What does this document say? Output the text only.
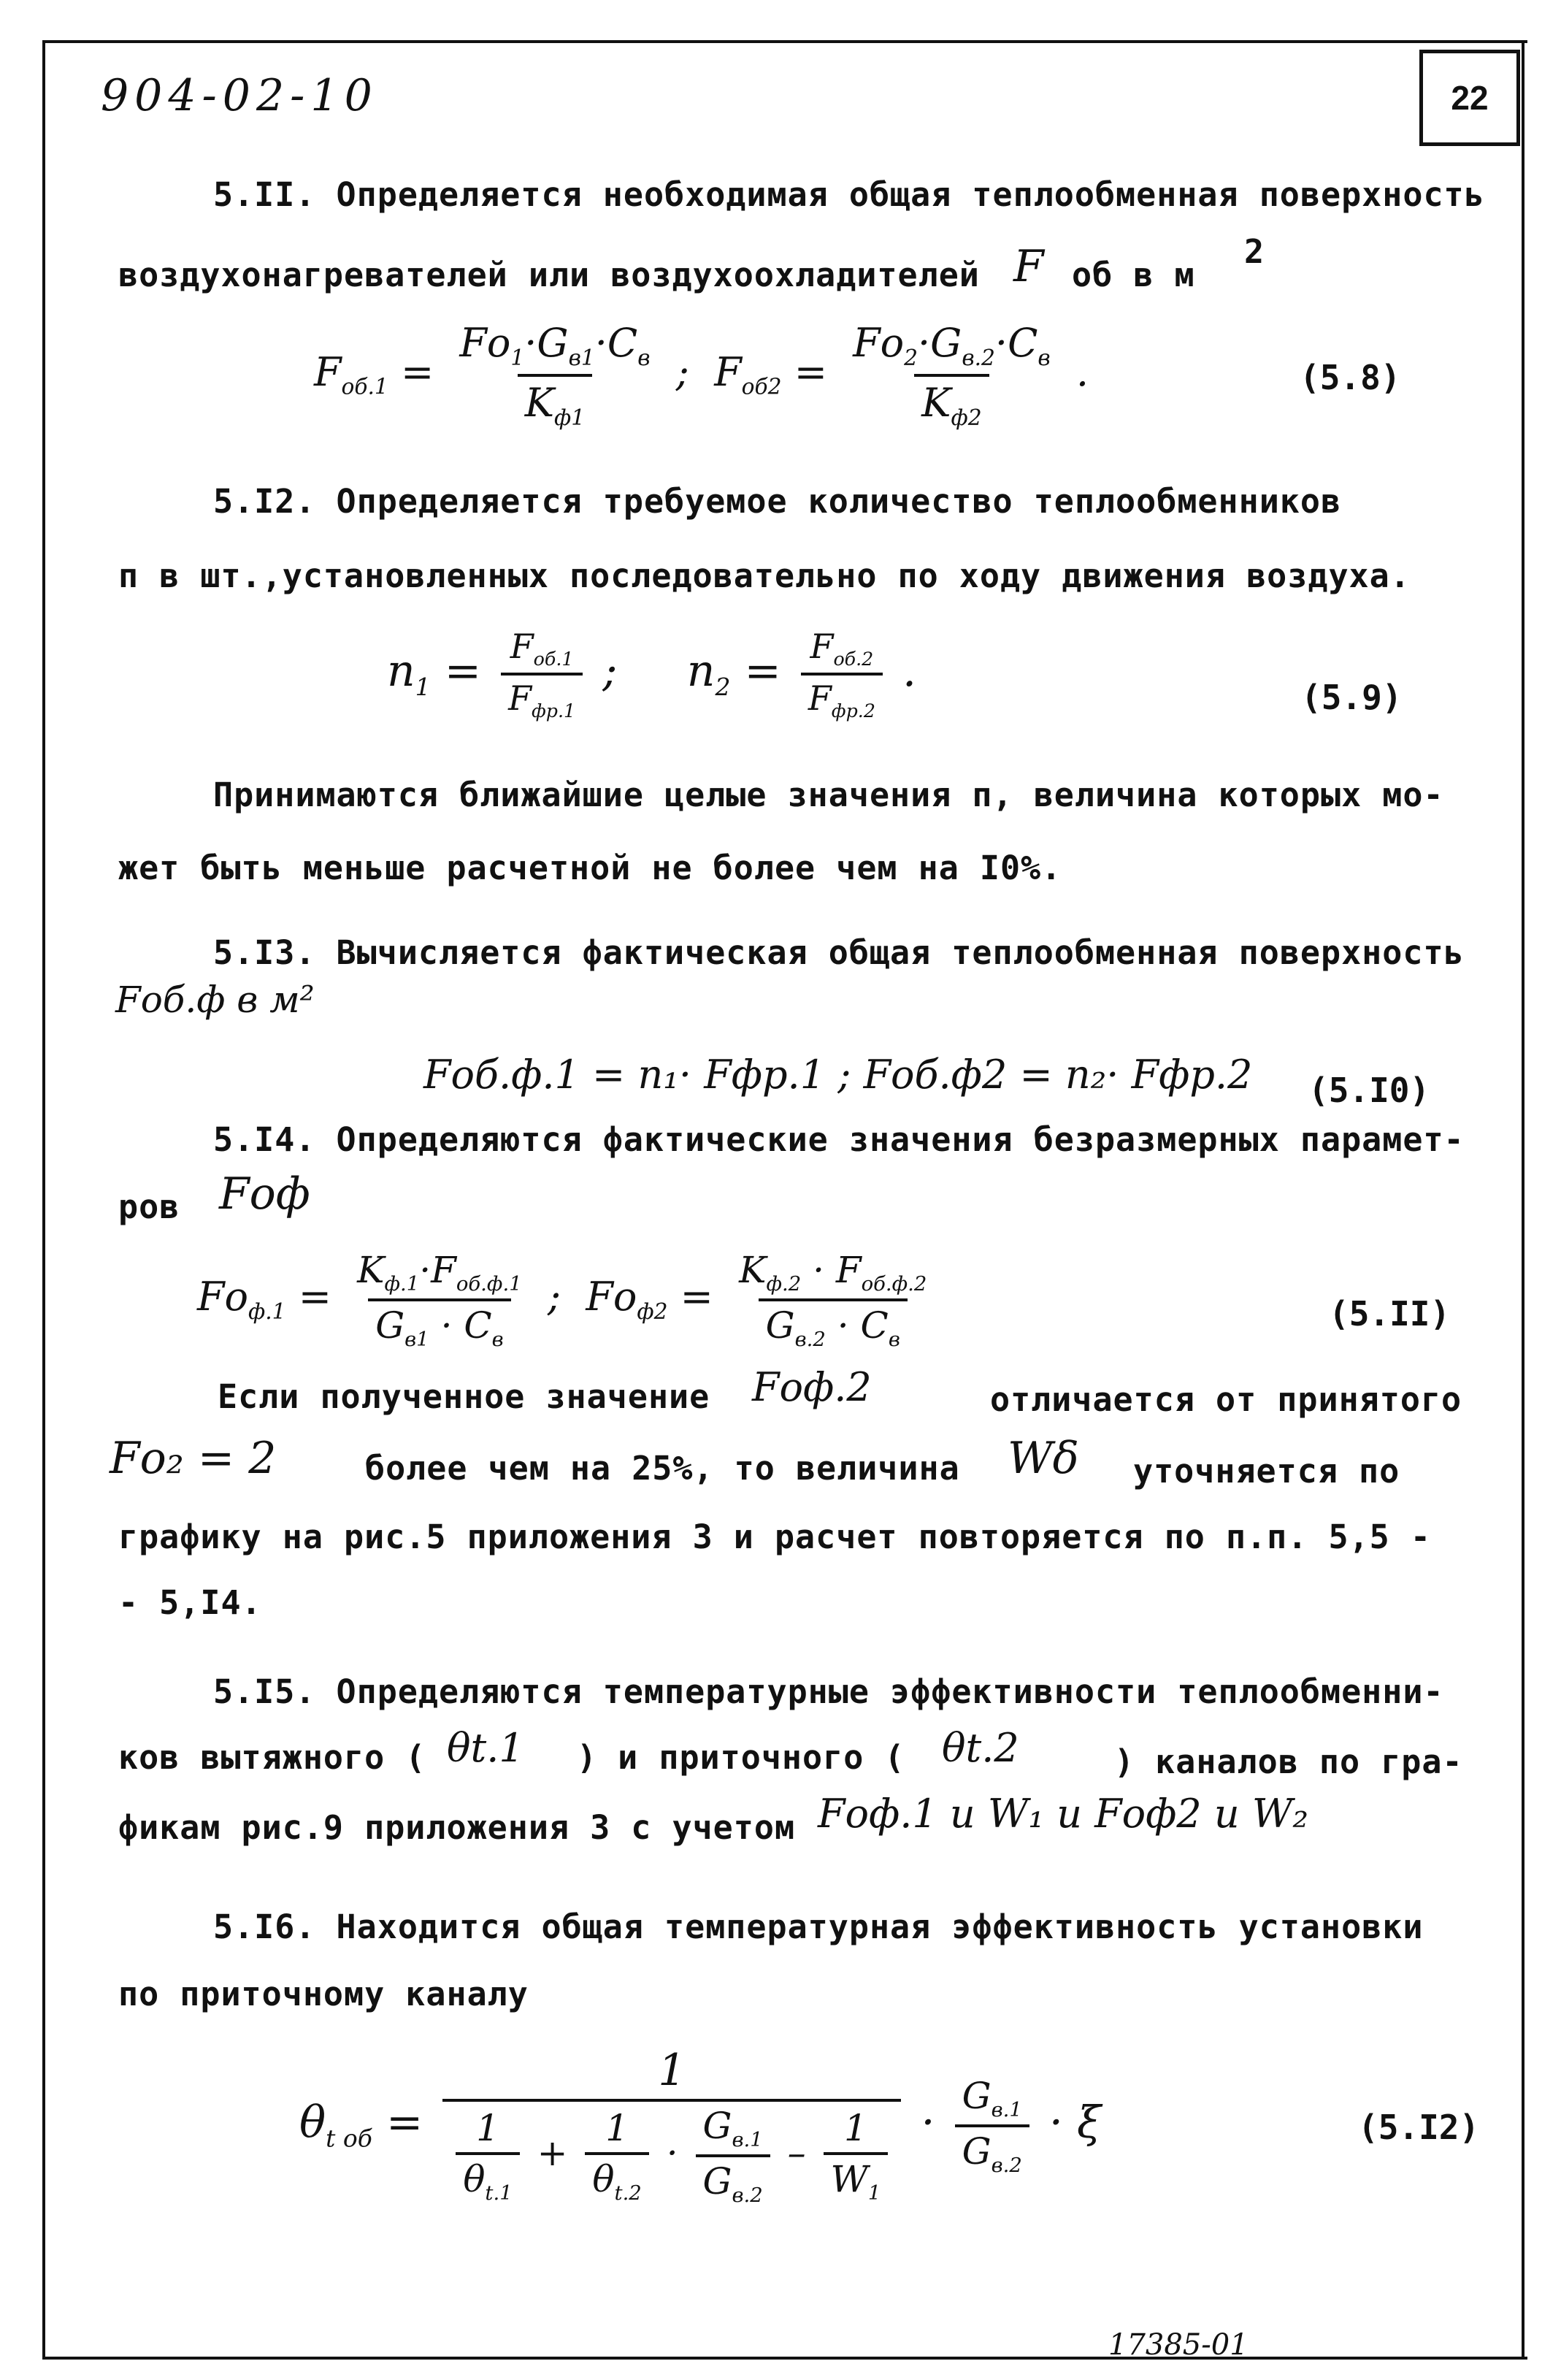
904-02-10	22
5.II. Определяется необходимая общая теплообменная поверхность
воздухонагревателей или воздухоохладителей F об в м
2
$F_{об.1} = \frac{Fо_1\cdot G_{в1}\cdot C_в}{K_{ф1}}$ ;  $F_{об2} = \frac{Fо_2\cdot G_{в.2}\cdot C_в}{K_{ф2}}$ .	(5.8)
5.I2. Определяется требуемое количество теплообменников
п в шт.,установленных последовательно по ходу движения воздуха.
$n_1 = \frac{F_{об.1}}{F_{фр.1}}$ ;     $n_2 = \frac{F_{об.2}}{F_{фр.2}}$ .
(5.9)
Принимаются ближайшие целые значения п, величина которых мо-
жет быть меньше расчетной не более чем на I0%.
5.I3. Вычисляется фактическая общая теплообменная поверхность
Fоб.ф в м²
Fоб.ф.1 = n₁· Fфр.1 ; Fоб.ф2 = n₂· Fфр.2 (5.I0)
5.I4. Определяются фактические значения безразмерных парамет-
ров Fоф
$Fо_{ф.1} = \frac{K_{ф.1}\cdot F_{об.ф.1}}{G_{в1} \cdot C_в}$ ;  $Fо_{ф2} = \frac{K_{ф.2} \cdot F_{об.ф.2}}{G_{в.2} \cdot C_в}$	(5.II)
Если полученное значение Fоф.2	отличается от принятого
Fо₂ = 2	более чем на 25%, то величина Wδ уточняется по
графику на рис.5 приложения 3 и расчет повторяется по п.п. 5,5 -
- 5,I4.
5.I5. Определяются температурные эффективности теплообменни-
ков вытяжного ( θt.1 ) и приточного ( θt.2	) каналов по гра-
фикам рис.9 приложения 3 с учетом Fоф.1 и W₁ и Fоф2 и W₂
5.I6. Находится общая температурная эффективность установки
по приточному каналу
$\theta_{t об} = \frac{1}{\frac{1}{\theta_{t.1}} + \frac{1}{\theta_{t.2}} \cdot \frac{G_{в.1}}{G_{в.2}} - \frac{1}{W_1}} \cdot \frac{G_{в.1}}{G_{в.2}} \cdot \xi$	(5.I2)
17385-01
